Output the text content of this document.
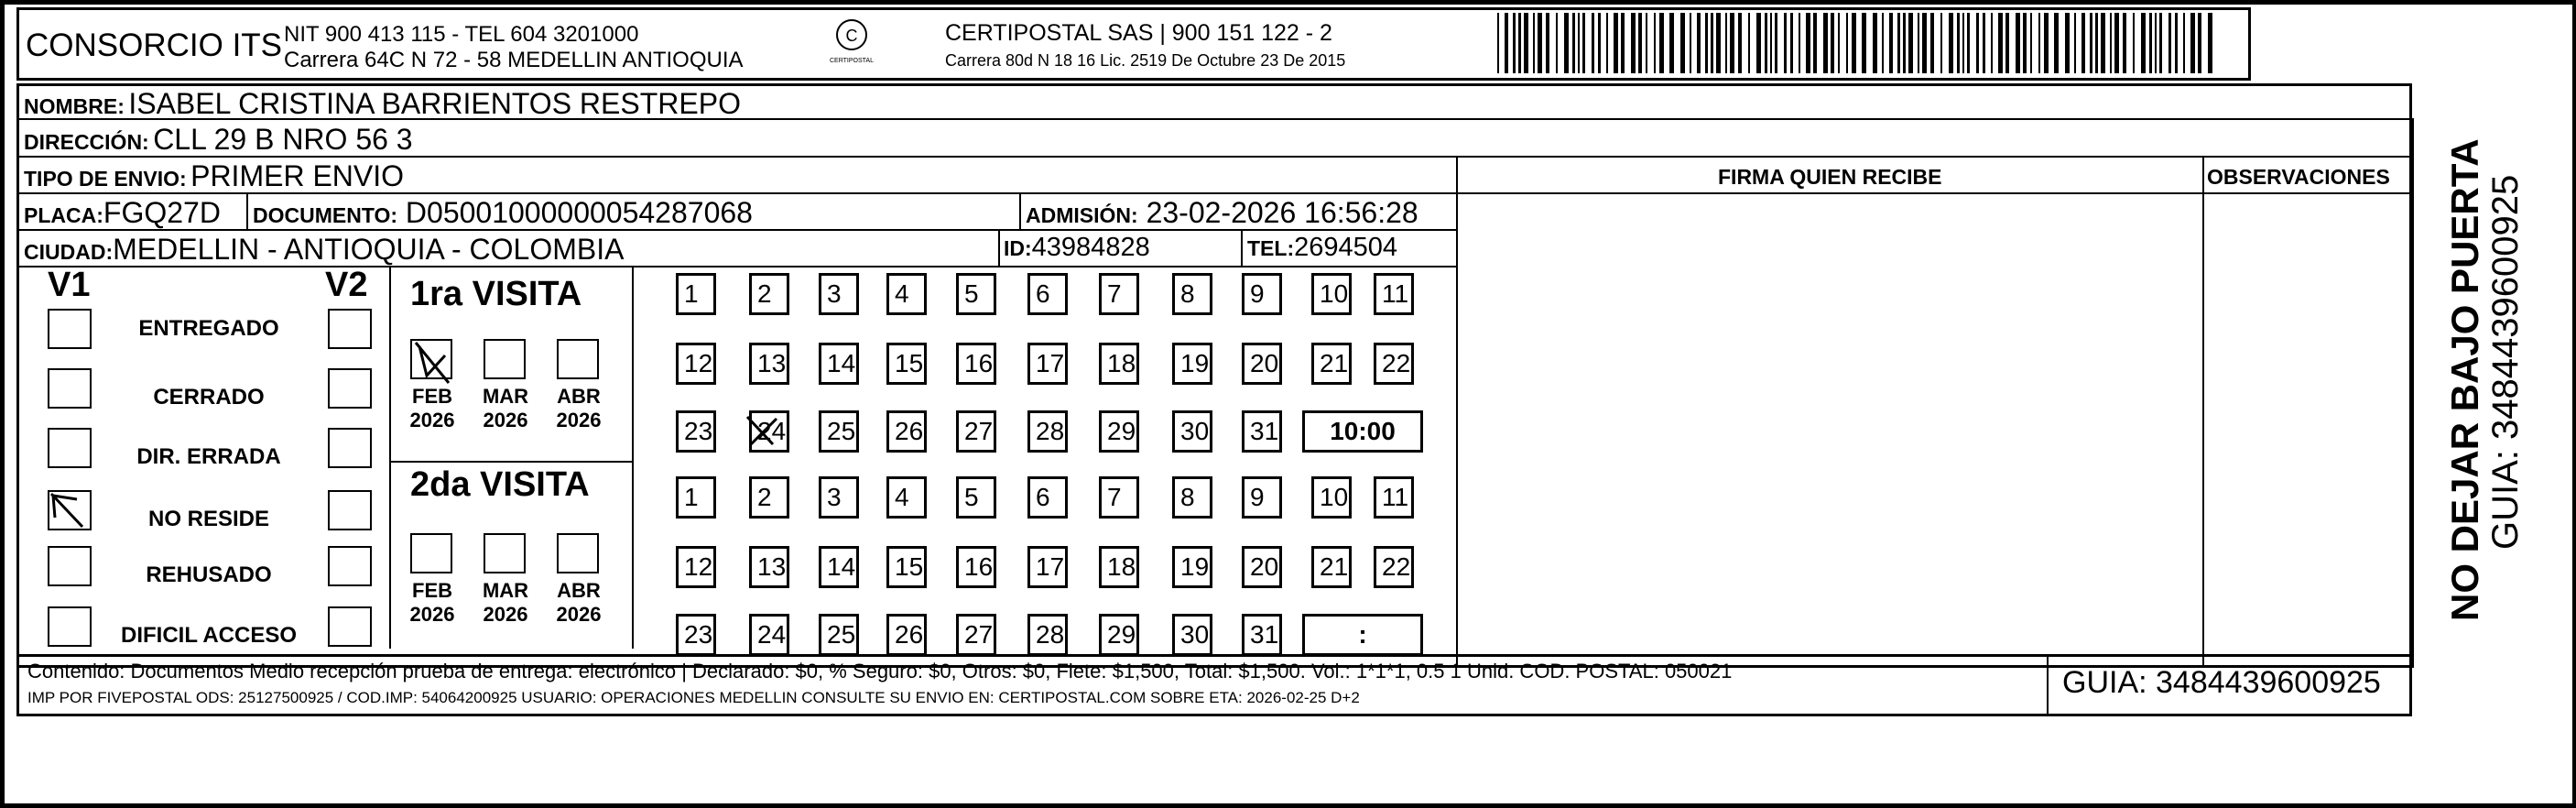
CONSORCIO ITS NIT 900 413 115 - TEL 604 3201000
Carrera 64C N 72 - 58 MEDELLIN ANTIOQUIA
C
CERTIPOSTAL
CERTIPOSTAL SAS | 900 151 122 - 2
Carrera 80d N 18 16 Lic. 2519 De Octubre 23 De 2015
NOMBRE: ISABEL CRISTINA BARRIENTOS RESTREPO
DIRECCIÓN: CLL 29 B NRO 56 3
TIPO DE ENVIO: PRIMER ENVIO	FIRMA QUIEN RECIBE	OBSERVACIONES
PLACA:FGQ27D DOCUMENTO: D05001000000054287068	ADMISIÓN: 23-02-2026 16:56:28
CIUDAD:MEDELLIN - ANTIOQUIA - COLOMBIA	ID:43984828	TEL:2694504
V1	V2
ENTREGADO
CERRADO
DIR. ERRADA
NO RESIDE
REHUSADO
DIFICIL ACCESO
1ra VISITA
2da VISITA
FEB
2026
MAR
2026
ABR
2026
FEB
2026
MAR
2026
ABR
2026
1	2	3	4	5	6	7	8	9	10	11
12	13	14	15	16	17	18	19	20	21	22
23	24	25	26	27	28	29	30	31	10:00
1	2	3	4	5	6	7	8	9	10	11
12	13	14	15	16	17	18	19	20	21	22
23	24	25	26	27	28	29	30	31	:
Contenido: Documentos Medio recepción prueba de entrega: electrónico | Declarado: $0, % Seguro: $0, Otros: $0, Flete: $1,500, Total: $1,500. Vol.: 1*1*1, 0.5 1 Unid. COD. POSTAL: 050021
IMP POR FIVEPOSTAL ODS: 25127500925 / COD.IMP: 54064200925 USUARIO: OPERACIONES MEDELLIN CONSULTE SU ENVIO EN: CERTIPOSTAL.COM SOBRE ETA: 2026-02-25 D+2	GUIA: 3484439600925
NO DEJAR BAJO PUERTA GUIA: 3484439600925
